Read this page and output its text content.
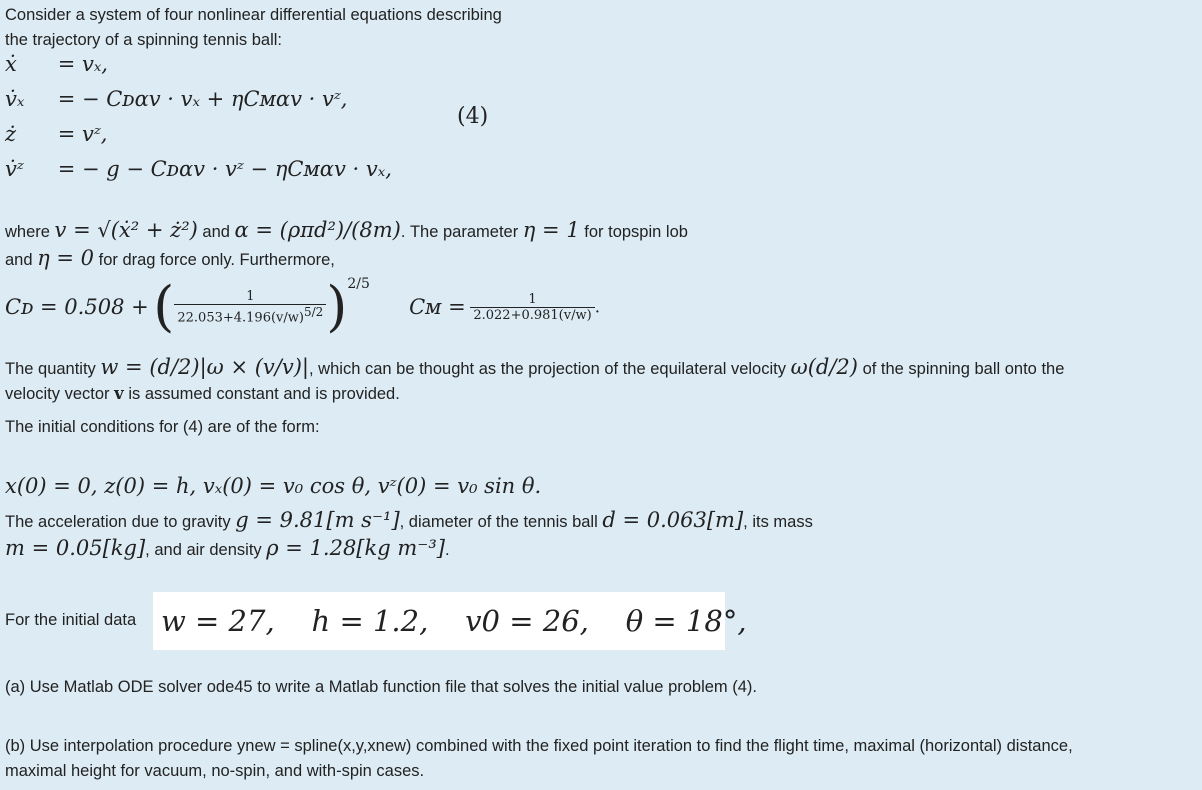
Consider a system of four nonlinear differential equations describing
the trajectory of a spinning tennis ball:
ẋ = vₓ,
v̇ₓ = − Cᴅαv · vₓ + ηCᴍαv · vᶻ,
ż = vᶻ,
v̇ᶻ = − g − Cᴅαv · vᶻ − ηCᴍαv · vₓ,
(4)
where v = √(ẋ² + ż²) and α = (ρπd²)/(8m). The parameter η = 1 for topspin lob
and η = 0 for drag force only. Furthermore,
Cᴅ = 0.508 + ( $\frac{1}{22.053+4.196(v/w)5/2} )^{2/5}$  Cᴍ = $\frac{1}{2.022+0.981(v/w)}$ .
The quantity w = (d/2)|ω × (v/v)|, which can be thought as the projection of the equilateral velocity ω(d/2) of the spinning ball onto the
velocity vector v is assumed constant and is provided.
The initial conditions for (4) are of the form:
x(0) = 0, z(0) = h, vₓ(0) = v₀ cos θ, vᶻ(0) = v₀ sin θ.
The acceleration due to gravity g = 9.81[m s⁻¹], diameter of the tennis ball d = 0.063[m], its mass
m = 0.05[kg], and air density ρ = 1.28[kg m⁻³].
For the initial data w = 27,    h = 1.2,    v0 = 26,    θ = 18°,
(a) Use Matlab ODE solver ode45 to write a Matlab function file that solves the initial value problem (4).
(b) Use interpolation procedure ynew = spline(x,y,xnew) combined with the fixed point iteration to find the flight time, maximal (horizontal) distance,
maximal height for vacuum, no-spin, and with-spin cases.
